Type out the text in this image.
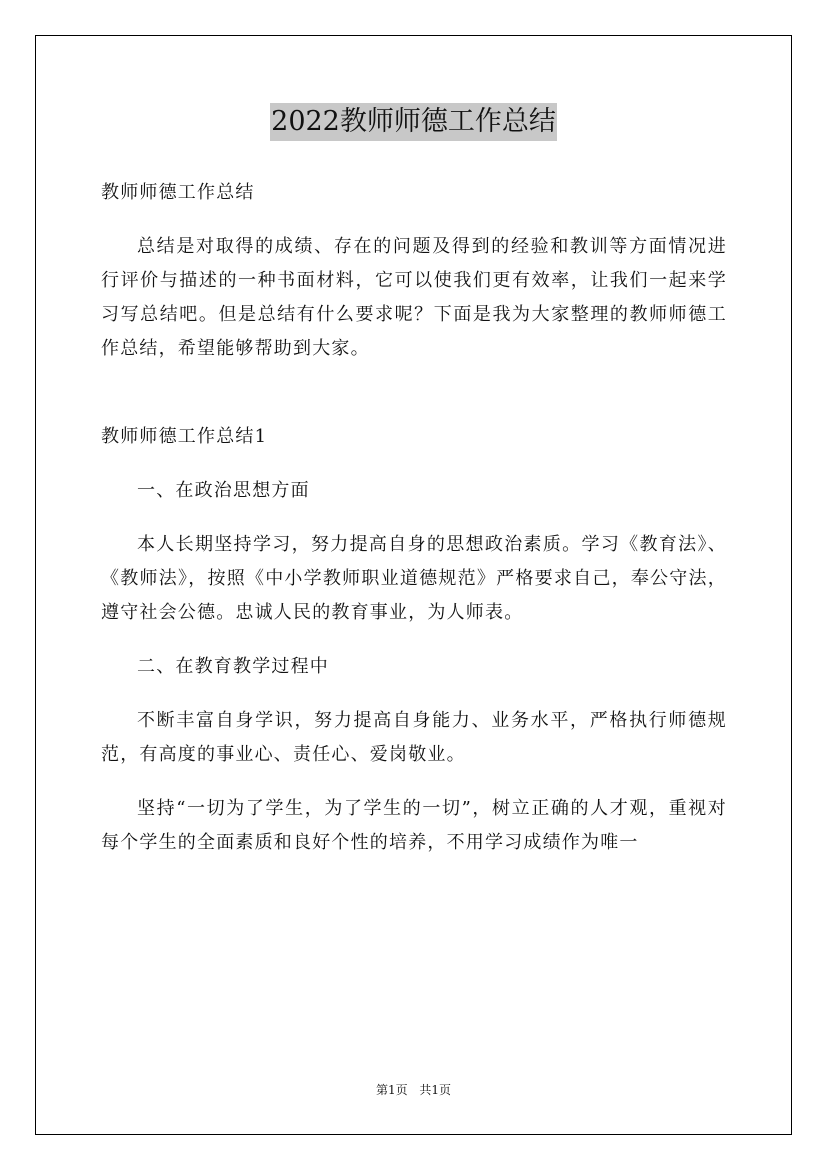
2022教师师德工作总结

教师师德工作总结

总结是对取得的成绩、存在的问题及得到的经验和教训等方面情况进行评价与描述的一种书面材料，它可以使我们更有效率，让我们一起来学习写总结吧。但是总结有什么要求呢？下面是我为大家整理的教师师德工作总结，希望能够帮助到大家。

教师师德工作总结1

一、在政治思想方面

本人长期坚持学习，努力提高自身的思想政治素质。学习《教育法》、《教师法》，按照《中小学教师职业道德规范》严格要求自己，奉公守法，遵守社会公德。忠诚人民的教育事业，为人师表。

二、在教育教学过程中

不断丰富自身学识，努力提高自身能力、业务水平，严格执行师德规范，有高度的事业心、责任心、爱岗敬业。

坚持“一切为了学生，为了学生的一切”，树立正确的人才观，重视对每个学生的全面素质和良好个性的培养，不用学习成绩作为唯一

第1页 共1页
